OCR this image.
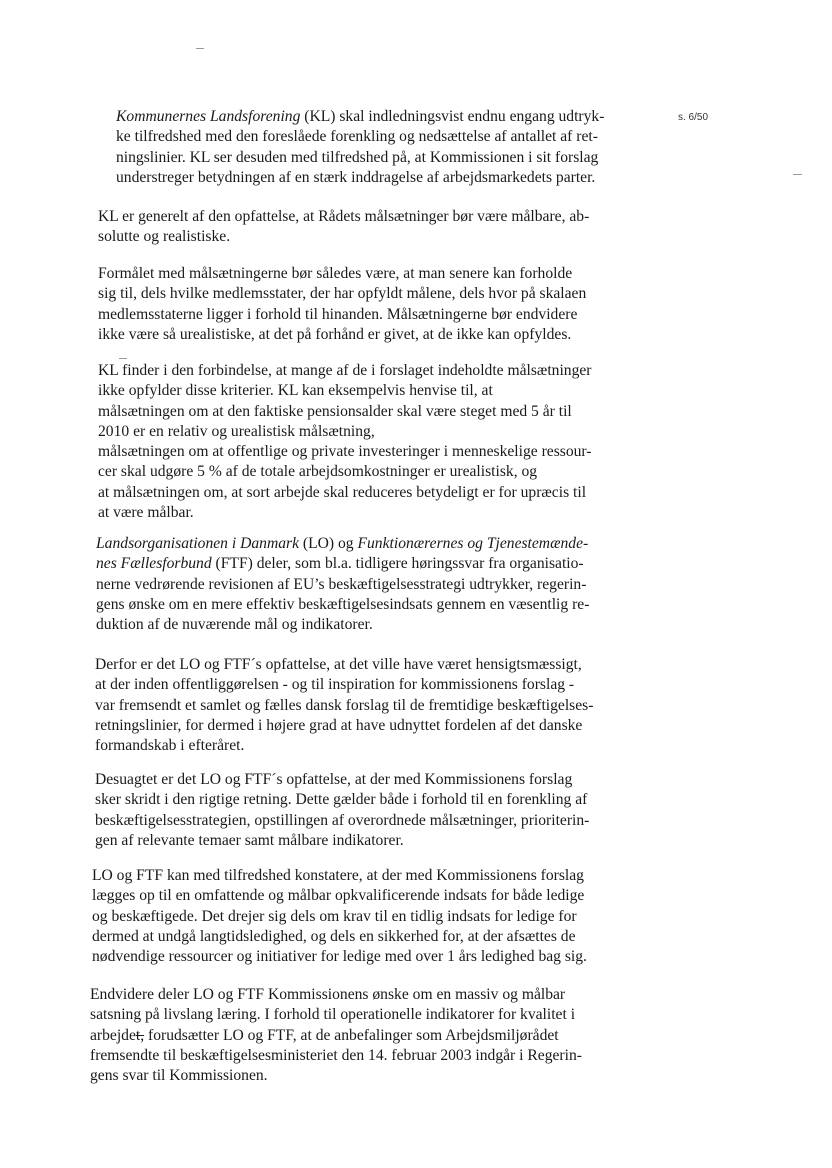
s. 6/50
Kommunernes Landsforening (KL) skal indledningsvist endnu engang udtryk-
ke tilfredshed med den foreslåede forenkling og nedsættelse af antallet af ret-
ningslinier. KL ser desuden med tilfredshed på, at Kommissionen i sit forslag
understreger betydningen af en stærk inddragelse af arbejdsmarkedets parter.
KL er generelt af den opfattelse, at Rådets målsætninger bør være målbare, ab-
solutte og realistiske.
Formålet med målsætningerne bør således være, at man senere kan forholde
sig til, dels hvilke medlemsstater, der har opfyldt målene, dels hvor på skalaen
medlemsstaterne ligger i forhold til hinanden. Målsætningerne bør endvidere
ikke være så urealistiske, at det på forhånd er givet, at de ikke kan opfyldes.
KL finder i den forbindelse, at mange af de i forslaget indeholdte målsætninger
ikke opfylder disse kriterier. KL kan eksempelvis henvise til, at
målsætningen om at den faktiske pensionsalder skal være steget med 5 år til
2010 er en relativ og urealistisk målsætning,
målsætningen om at offentlige og private investeringer i menneskelige ressour-
cer skal udgøre 5 % af de totale arbejdsomkostninger er urealistisk, og
at målsætningen om, at sort arbejde skal reduceres betydeligt er for upræcis til
at være målbar.
Landsorganisationen i Danmark (LO) og Funktionærernes og Tjenestemænde-
nes Fællesforbund (FTF) deler, som bl.a. tidligere høringssvar fra organisatio-
nerne vedrørende revisionen af EU’s beskæftigelsesstrategi udtrykker, regerin-
gens ønske om en mere effektiv beskæftigelsesindsats gennem en væsentlig re-
duktion af de nuværende mål og indikatorer.
Derfor er det LO og FTF´s opfattelse, at det ville have været hensigtsmæssigt,
at der inden offentliggørelsen - og til inspiration for kommissionens forslag -
var fremsendt et samlet og fælles dansk forslag til de fremtidige beskæftigelses-
retningslinier, for dermed i højere grad at have udnyttet fordelen af det danske
formandskab i efteråret.
Desuagtet er det LO og FTF´s opfattelse, at der med Kommissionens forslag
sker skridt i den rigtige retning. Dette gælder både i forhold til en forenkling af
beskæftigelsesstrategien, opstillingen af overordnede målsætninger, prioriterin-
gen af relevante temaer samt målbare indikatorer.
LO og FTF kan med tilfredshed konstatere, at der med Kommissionens forslag
lægges op til en omfattende og målbar opkvalificerende indsats for både ledige
og beskæftigede. Det drejer sig dels om krav til en tidlig indsats for ledige for
dermed at undgå langtidsledighed, og dels en sikkerhed for, at der afsættes de
nødvendige ressourcer og initiativer for ledige med over 1 års ledighed bag sig.
Endvidere deler LO og FTF Kommissionens ønske om en massiv og målbar
satsning på livslang læring. I forhold til operationelle indikatorer for kvalitet i
arbejdet, forudsætter LO og FTF, at de anbefalinger som Arbejdsmiljørådet
fremsendte til beskæftigelsesministeriet den 14. februar 2003 indgår i Regerin-
gens svar til Kommissionen.
